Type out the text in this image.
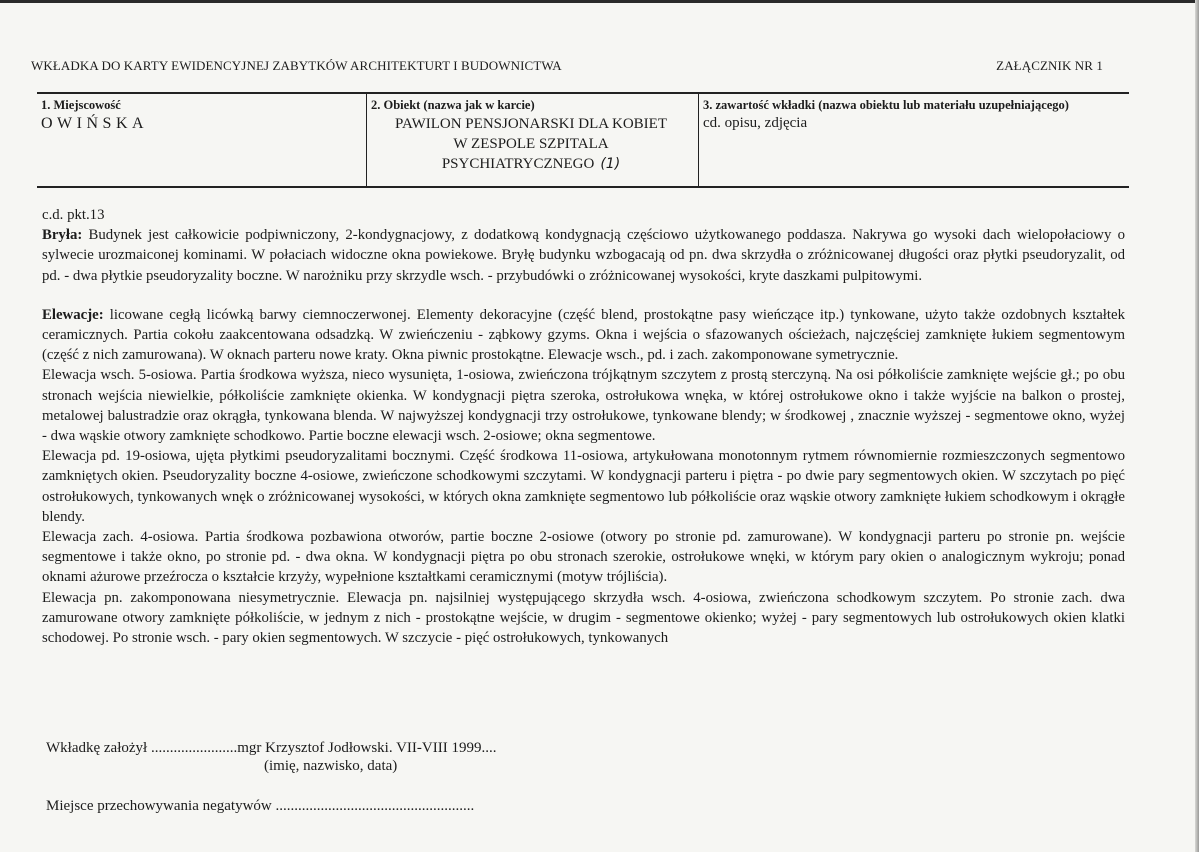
WKŁADKA DO KARTY EWIDENCYJNEJ ZABYTKÓW ARCHITEKTURT I BUDOWNICTWA	ZAŁĄCZNIK NR 1
1. Miejscowość
OWIŃSKA
2. Obiekt (nazwa jak w karcie)
PAWILON PENSJONARSKI DLA KOBIET
W ZESPOLE SZPITALA
PSYCHIATRYCZNEGO (1)
3. zawartość wkładki (nazwa obiektu lub materiału uzupełniającego)
cd. opisu, zdjęcia

c.d. pkt.13

Bryła: Budynek jest całkowicie podpiwniczony, 2-kondygnacjowy, z dodatkową kondygnacją częściowo użytkowanego poddasza. Nakrywa go wysoki dach wielopołaciowy o sylwecie urozmaiconej kominami. W połaciach widoczne okna powiekowe. Bryłę budynku wzbogacają od pn. dwa skrzydła o zróżnicowanej długości oraz płytki pseudoryzalit, od pd. - dwa płytkie pseudoryzality boczne. W narożniku przy skrzydle wsch. - przybudówki o zróżnicowanej wysokości, kryte daszkami pulpitowymi.

Elewacje: licowane cegłą licówką barwy ciemnoczerwonej. Elementy dekoracyjne (część blend, prostokątne pasy wieńczące itp.) tynkowane, użyto także ozdobnych kształtek ceramicznych. Partia cokołu zaakcentowana odsadzką. W zwieńczeniu - ząbkowy gzyms. Okna i wejścia o sfazowanych ościeżach, najczęściej zamknięte łukiem segmentowym (część z nich zamurowana). W oknach parteru nowe kraty. Okna piwnic prostokątne. Elewacje wsch., pd. i zach. zakomponowane symetrycznie.

Elewacja wsch. 5-osiowa. Partia środkowa wyższa, nieco wysunięta, 1-osiowa, zwieńczona trójkątnym szczytem z prostą sterczyną. Na osi półkoliście zamknięte wejście gł.; po obu stronach wejścia niewielkie, półkoliście zamknięte okienka. W kondygnacji piętra szeroka, ostrołukowa wnęka, w której ostrołukowe okno i także wyjście na balkon o prostej, metalowej balustradzie oraz okrągła, tynkowana blenda. W najwyższej kondygnacji trzy ostrołukowe, tynkowane blendy; w środkowej , znacznie wyższej - segmentowe okno, wyżej - dwa wąskie otwory zamknięte schodkowo. Partie boczne elewacji wsch. 2-osiowe; okna segmentowe.

Elewacja pd. 19-osiowa, ujęta płytkimi pseudoryzalitami bocznymi. Część środkowa 11-osiowa, artykułowana monotonnym rytmem równomiernie rozmieszczonych segmentowo zamkniętych okien. Pseudoryzality boczne 4-osiowe, zwieńczone schodkowymi szczytami. W kondygnacji parteru i piętra - po dwie pary segmentowych okien. W szczytach po pięć ostrołukowych, tynkowanych wnęk o zróżnicowanej wysokości, w których okna zamknięte segmentowo lub półkoliście oraz wąskie otwory zamknięte łukiem schodkowym i okrągłe blendy.

Elewacja zach. 4-osiowa. Partia środkowa pozbawiona otworów, partie boczne 2-osiowe (otwory po stronie pd. zamurowane). W kondygnacji parteru po stronie pn. wejście segmentowe i także okno, po stronie pd. - dwa okna. W kondygnacji piętra po obu stronach szerokie, ostrołukowe wnęki, w którym pary okien o analogicznym wykroju; ponad oknami ażurowe przeźrocza o kształcie krzyży, wypełnione kształtkami ceramicznymi (motyw trójliścia).

Elewacja pn. zakomponowana niesymetrycznie. Elewacja pn. najsilniej występującego skrzydła wsch. 4-osiowa, zwieńczona schodkowym szczytem. Po stronie zach. dwa zamurowane otwory zamknięte półkoliście, w jednym z nich - prostokątne wejście, w drugim - segmentowe okienko; wyżej - pary segmentowych lub ostrołukowych okien klatki schodowej. Po stronie wsch. - pary okien segmentowych. W szczycie - pięć ostrołukowych, tynkowanych

Wkładkę założył .......................mgr Krzysztof Jodłowski. VII-VIII 1999....
(imię, nazwisko, data)
Miejsce przechowywania negatywów .....................................................
